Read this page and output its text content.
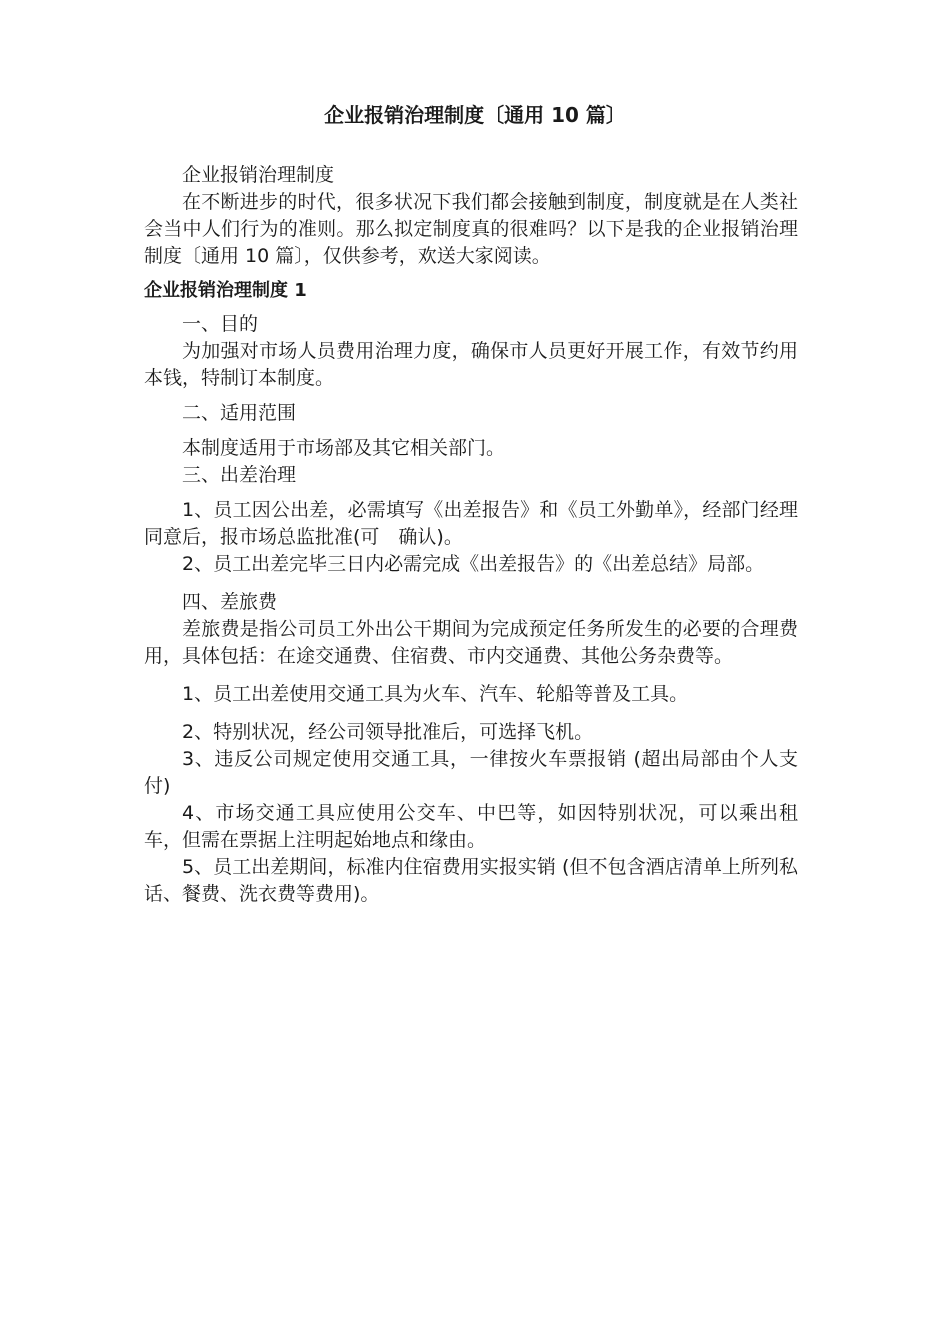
企业报销治理制度〔通用 10 篇〕

企业报销治理制度

在不断进步的时代，很多状况下我们都会接触到制度，制度就是在人类社会当中人们行为的准则。那么拟定制度真的很难吗？以下是我的企业报销治理制度〔通用 10 篇〕，仅供参考，欢送大家阅读。

企业报销治理制度 1

一、目的

为加强对市场人员费用治理力度，确保市人员更好开展工作，有效节约用本钱，特制订本制度。

二、适用范围

本制度适用于市场部及其它相关部门。

三、出差治理

1、员工因公出差，必需填写《出差报告》和《员工外勤单》，经部门经理同意后，报市场总监批准(可　确认)。

2、员工出差完毕三日内必需完成《出差报告》的《出差总结》局部。

四、差旅费

差旅费是指公司员工外出公干期间为完成预定任务所发生的必要的合理费用，具体包括：在途交通费、住宿费、市内交通费、其他公务杂费等。

1、员工出差使用交通工具为火车、汽车、轮船等普及工具。

2、特别状况，经公司领导批准后，可选择飞机。

3、违反公司规定使用交通工具，一律按火车票报销 (超出局部由个人支付)

4、市场交通工具应使用公交车、中巴等，如因特别状况，可以乘出租车，但需在票据上注明起始地点和缘由。

5、员工出差期间，标准内住宿费用实报实销 (但不包含酒店清单上所列私话、餐费、洗衣费等费用)。
